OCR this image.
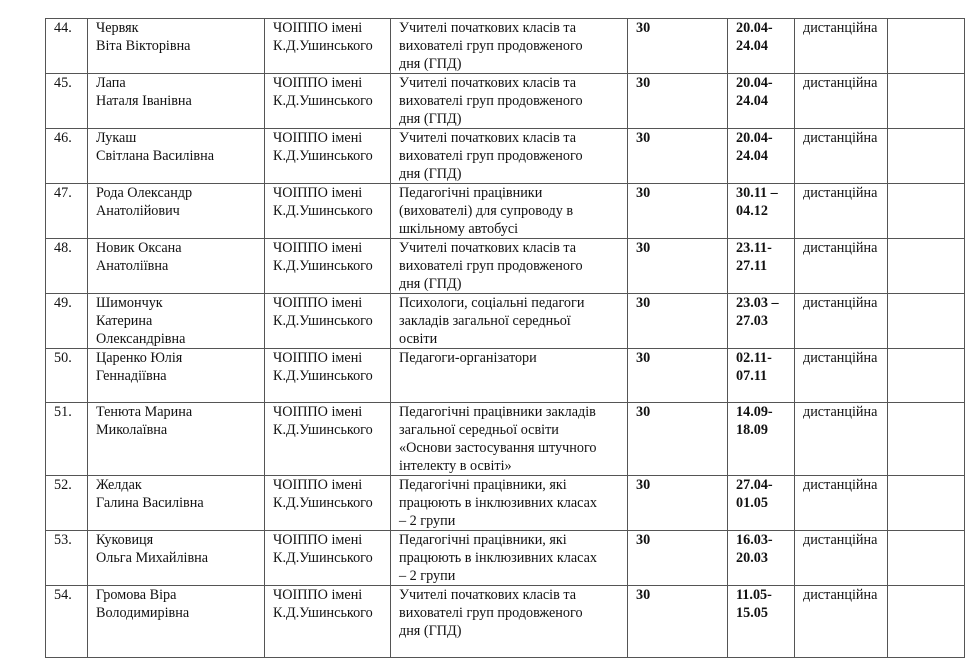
44.	Червяк
Віта Вікторівна	ЧОІППО імені
К.Д.Ушинського	Учителі початкових класів та
вихователі груп продовженого
дня (ГПД)	30	20.04-
24.04	дистанційна	

45.	Лапа
Наталя Іванівна	ЧОІППО імені
К.Д.Ушинського	Учителі початкових класів та
вихователі груп продовженого
дня (ГПД)	30	20.04-
24.04	дистанційна	

46.	Лукаш
Світлана Василівна	ЧОІППО імені
К.Д.Ушинського	Учителі початкових класів та
вихователі груп продовженого
дня (ГПД)	30	20.04-
24.04	дистанційна	

47.	Рода Олександр
Анатолійович	ЧОІППО імені
К.Д.Ушинського	Педагогічні працівники
(вихователі) для супроводу в
шкільному автобусі	30	30.11 –
04.12	дистанційна	

48.	Новик Оксана
Анатоліївна	ЧОІППО імені
К.Д.Ушинського	Учителі початкових класів та
вихователі груп продовженого
дня (ГПД)	30	23.11-
27.11	дистанційна	

49.	Шимончук
Катерина
Олександрівна	ЧОІППО імені
К.Д.Ушинського	Психологи, соціальні педагоги
закладів загальної середньої
освіти	30	23.03 –
27.03	дистанційна	

50.	Царенко Юлія
Геннадіївна	ЧОІППО імені
К.Д.Ушинського	Педагоги-організатори	30	02.11-
07.11	дистанційна	

51.	Тенюта Марина
Миколаївна	ЧОІППО імені
К.Д.Ушинського	Педагогічні працівники закладів
загальної середньої освіти
«Основи застосування штучного
інтелекту в освіті»	30	14.09-
18.09	дистанційна	

52.	Желдак
Галина Василівна	ЧОІППО імені
К.Д.Ушинського	Педагогічні працівники, які
працюють в інклюзивних класах
– 2 групи	30	27.04-
01.05	дистанційна	

53.	Куковиця
Ольга Михайлівна	ЧОІППО імені
К.Д.Ушинського	Педагогічні працівники, які
працюють в інклюзивних класах
– 2 групи	30	16.03-
20.03	дистанційна	

54.	Громова Віра
Володимирівна	ЧОІППО імені
К.Д.Ушинського	Учителі початкових класів та
вихователі груп продовженого
дня (ГПД)	30	11.05-
15.05	дистанційна	
